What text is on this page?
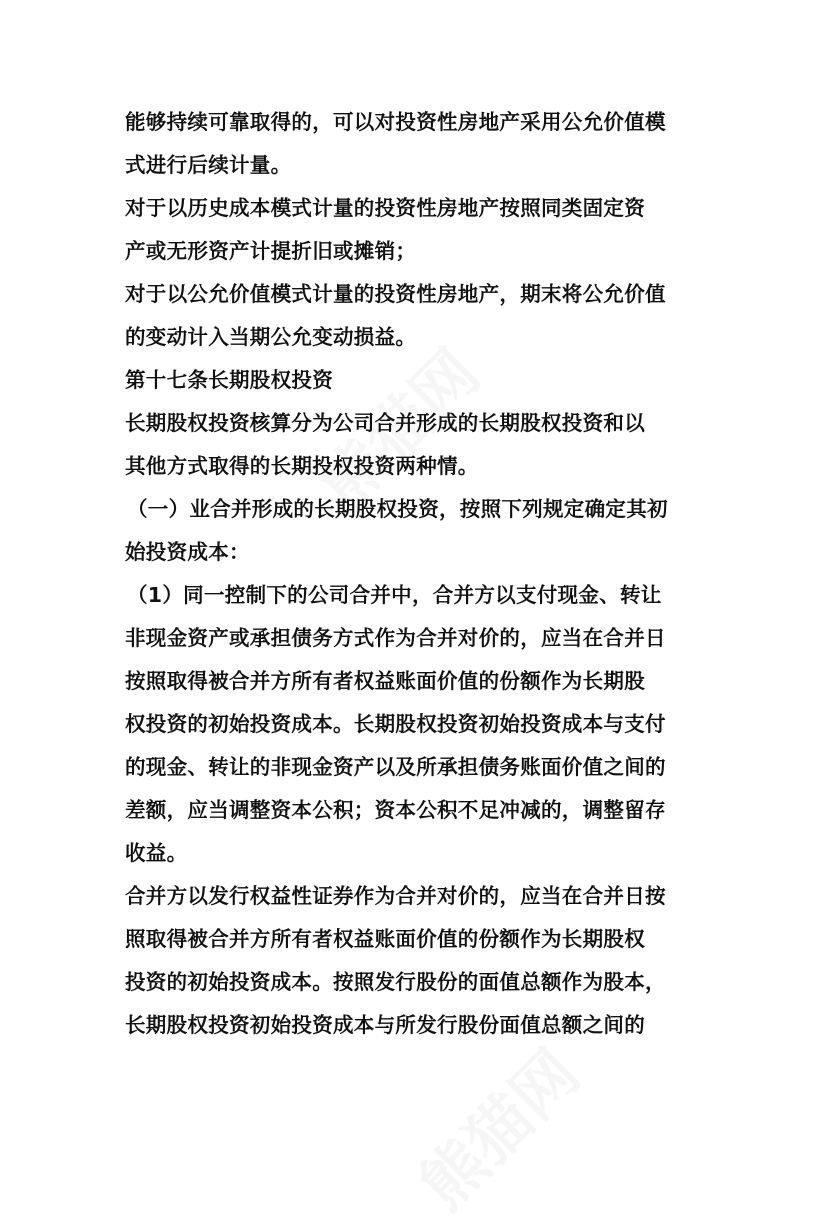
能够持续可靠取得的，可以对投资性房地产采用公允价值模
式进行后续计量。
对于以历史成本模式计量的投资性房地产按照同类固定资
产或无形资产计提折旧或摊销；
对于以公允价值模式计量的投资性房地产，期末将公允价值
的变动计入当期公允变动损益。
第十七条长期股权投资
长期股权投资核算分为公司合并形成的长期股权投资和以
其他方式取得的长期投权投资两种情。
（一）业合并形成的长期股权投资，按照下列规定确定其初
始投资成本：
（1）同一控制下的公司合并中，合并方以支付现金、转让
非现金资产或承担债务方式作为合并对价的，应当在合并日
按照取得被合并方所有者权益账面价值的份额作为长期股
权投资的初始投资成本。长期股权投资初始投资成本与支付
的现金、转让的非现金资产以及所承担债务账面价值之间的
差额，应当调整资本公积；资本公积不足冲减的，调整留存
收益。
合并方以发行权益性证券作为合并对价的，应当在合并日按
照取得被合并方所有者权益账面价值的份额作为长期股权
投资的初始投资成本。按照发行股份的面值总额作为股本，
长期股权投资初始投资成本与所发行股份面值总额之间的
